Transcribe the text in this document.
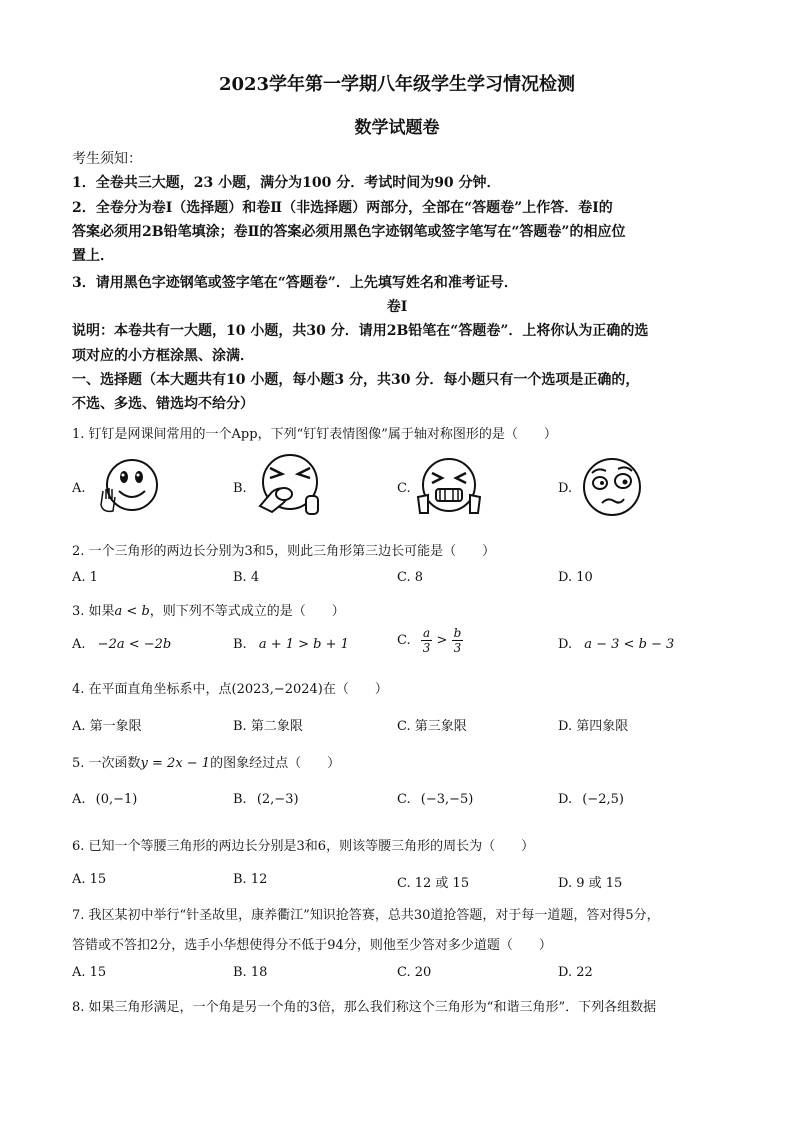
2023学年第一学期八年级学生学习情况检测
数学试题卷
考生须知：
1．全卷共三大题，23 小题，满分为100 分．考试时间为90 分钟．
2．全卷分为卷Ⅰ（选择题）和卷Ⅱ（非选择题）两部分，全部在“答题卷”上作答．卷Ⅰ的
答案必须用2B铅笔填涂；卷Ⅱ的答案必须用黑色字迹钢笔或签字笔写在“答题卷”的相应位
置上．
3．请用黑色字迹钢笔或签字笔在“答题卷”．上先填写姓名和准考证号．
卷Ⅰ
说明：本卷共有一大题，10 小题，共30 分．请用2B铅笔在“答题卷”．上将你认为正确的选
项对应的小方框涂黑、涂满．
一、选择题（本大题共有10 小题，每小题3 分，共30 分．每小题只有一个选项是正确的，
不选、多选、错选均不给分）
1. 钉钉是网课间常用的一个App，下列“钉钉表情图像”属于轴对称图形的是（　　）
A.	B.	C.	D.
2. 一个三角形的两边长分别为3和5，则此三角形第三边长可能是（　　）
A. 1	B. 4	C. 8	D. 10
3. 如果a < b，则下列不等式成立的是（　　）
A. −2a < −2b	B. a + 1 > b + 1	C. $\frac{a}{3} > \frac{b}{3}$	D. a − 3 < b − 3
4. 在平面直角坐标系中，点(2023,−2024)在（　　）
A. 第一象限	B. 第二象限	C. 第三象限	D. 第四象限
5. 一次函数y = 2x − 1的图象经过点（　　）
A. (0,−1)	B. (2,−3)	C. (−3,−5)	D. (−2,5)
6. 已知一个等腰三角形的两边长分别是3和6，则该等腰三角形的周长为（　　）
A. 15	B. 12	C. 12 或 15	D. 9 或 15
7. 我区某初中举行“针圣故里，康养衢江”知识抢答赛，总共30道抢答题，对于每一道题，答对得5分，
答错或不答扣2分，选手小华想使得分不低于94分，则他至少答对多少道题（　　）
A. 15	B. 18	C. 20	D. 22
8. 如果三角形满足，一个角是另一个角的3倍，那么我们称这个三角形为“和谐三角形”．下列各组数据
